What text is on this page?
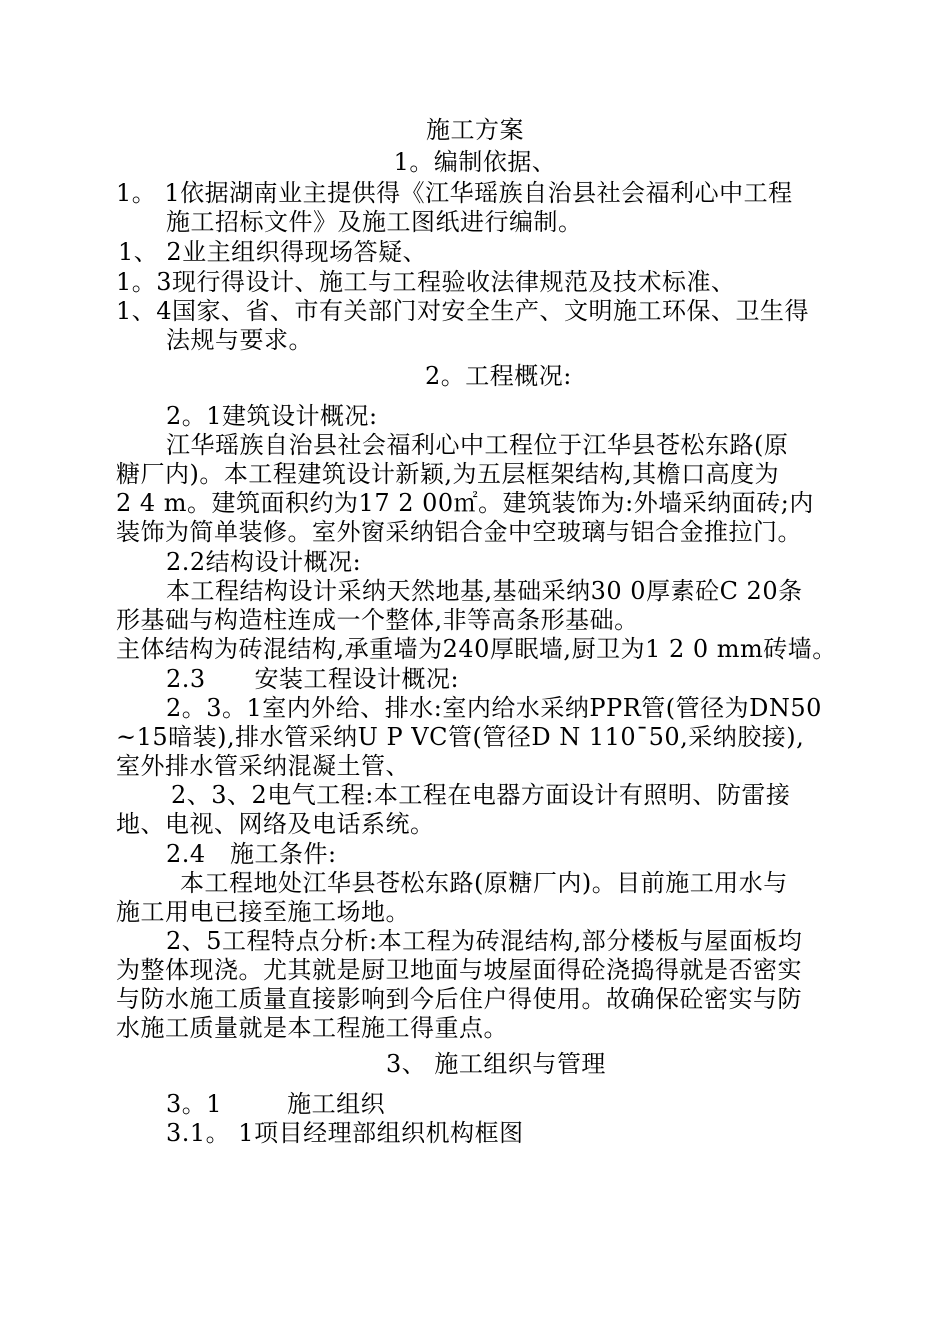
施工方案
1。编制依据、
1。 1依据湖南业主提供得《江华瑶族自治县社会福利心中工程
施工招标文件》及施工图纸进行编制。
1、 2业主组织得现场答疑、
1。3现行得设计、施工与工程验收法律规范及技术标准、
1、4国家、省、市有关部门对安全生产、文明施工环保、卫生得
法规与要求。
2。工程概况:
2。1建筑设计概况:
江华瑶族自治县社会福利心中工程位于江华县苍松东路(原
糖厂内)。本工程建筑设计新颖,为五层框架结构,其檐口高度为
2 4 m。建筑面积约为17 2 00㎡。建筑装饰为:外墙采纳面砖;内
装饰为简单装修。室外窗采纳铝合金中空玻璃与铝合金推拉门。
2.2结构设计概况:
本工程结构设计采纳天然地基,基础采纳30 0厚素砼C 20条
形基础与构造柱连成一个整体,非等高条形基础。
主体结构为砖混结构,承重墙为240厚眠墙,厨卫为1 2 0 mm砖墙。
2.3      安装工程设计概况:
2。3。1室内外给、排水:室内给水采纳PPR管(管径为DN50
~15暗装),排水管采纳U P VC管(管径D N 110¯50,采纳胶接),
室外排水管采纳混凝土管、
2、3、2电气工程:本工程在电器方面设计有照明、防雷接
地、电视、网络及电话系统。
2.4   施工条件:
本工程地处江华县苍松东路(原糖厂内)。目前施工用水与
施工用电已接至施工场地。
2、5工程特点分析:本工程为砖混结构,部分楼板与屋面板均
为整体现浇。尤其就是厨卫地面与坡屋面得砼浇捣得就是否密实
与防水施工质量直接影响到今后住户得使用。故确保砼密实与防
水施工质量就是本工程施工得重点。
3、 施工组织与管理
3。1        施工组织
3.1。 1项目经理部组织机构框图
